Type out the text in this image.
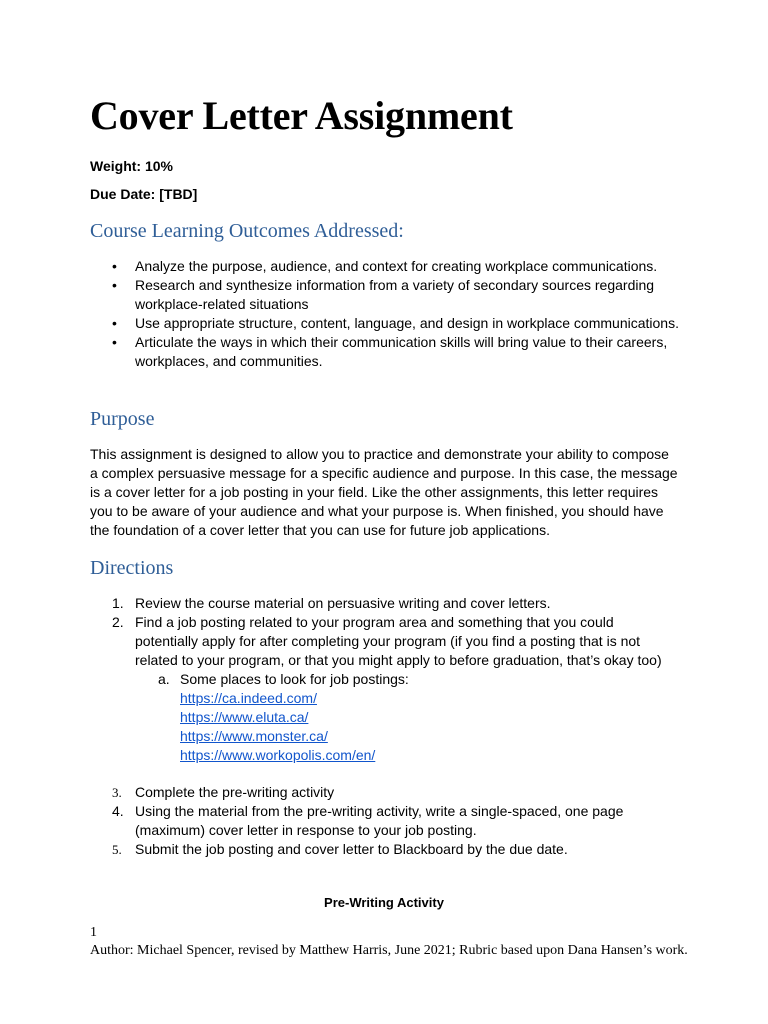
Cover Letter Assignment

Weight: 10%

Due Date: [TBD]

Course Learning Outcomes Addressed:
• Analyze the purpose, audience, and context for creating workplace communications.
• Research and synthesize information from a variety of secondary sources regarding workplace-related situations
• Use appropriate structure, content, language, and design in workplace communications.
• Articulate the ways in which their communication skills will bring value to their careers, workplaces, and communities.
Purpose

This assignment is designed to allow you to practice and demonstrate your ability to compose a complex persuasive message for a specific audience and purpose. In this case, the message is a cover letter for a job posting in your field. Like the other assignments, this letter requires you to be aware of your audience and what your purpose is. When finished, you should have the foundation of a cover letter that you can use for future job applications.

Directions
1. Review the course material on persuasive writing and cover letters.
2. Find a job posting related to your program area and something that you could potentially apply for after completing your program (if you find a posting that is not related to your program, or that you might apply to before graduation, that’s okay too)
a. Some places to look for job postings:
https://ca.indeed.com/
https://www.eluta.ca/
https://www.monster.ca/
https://www.workopolis.com/en/
3. Complete the pre-writing activity
4. Using the material from the pre-writing activity, write a single-spaced, one page (maximum) cover letter in response to your job posting.
5. Submit the job posting and cover letter to Blackboard by the due date.

Pre-Writing Activity

1
Author: Michael Spencer, revised by Matthew Harris, June 2021; Rubric based upon Dana Hansen’s work.
